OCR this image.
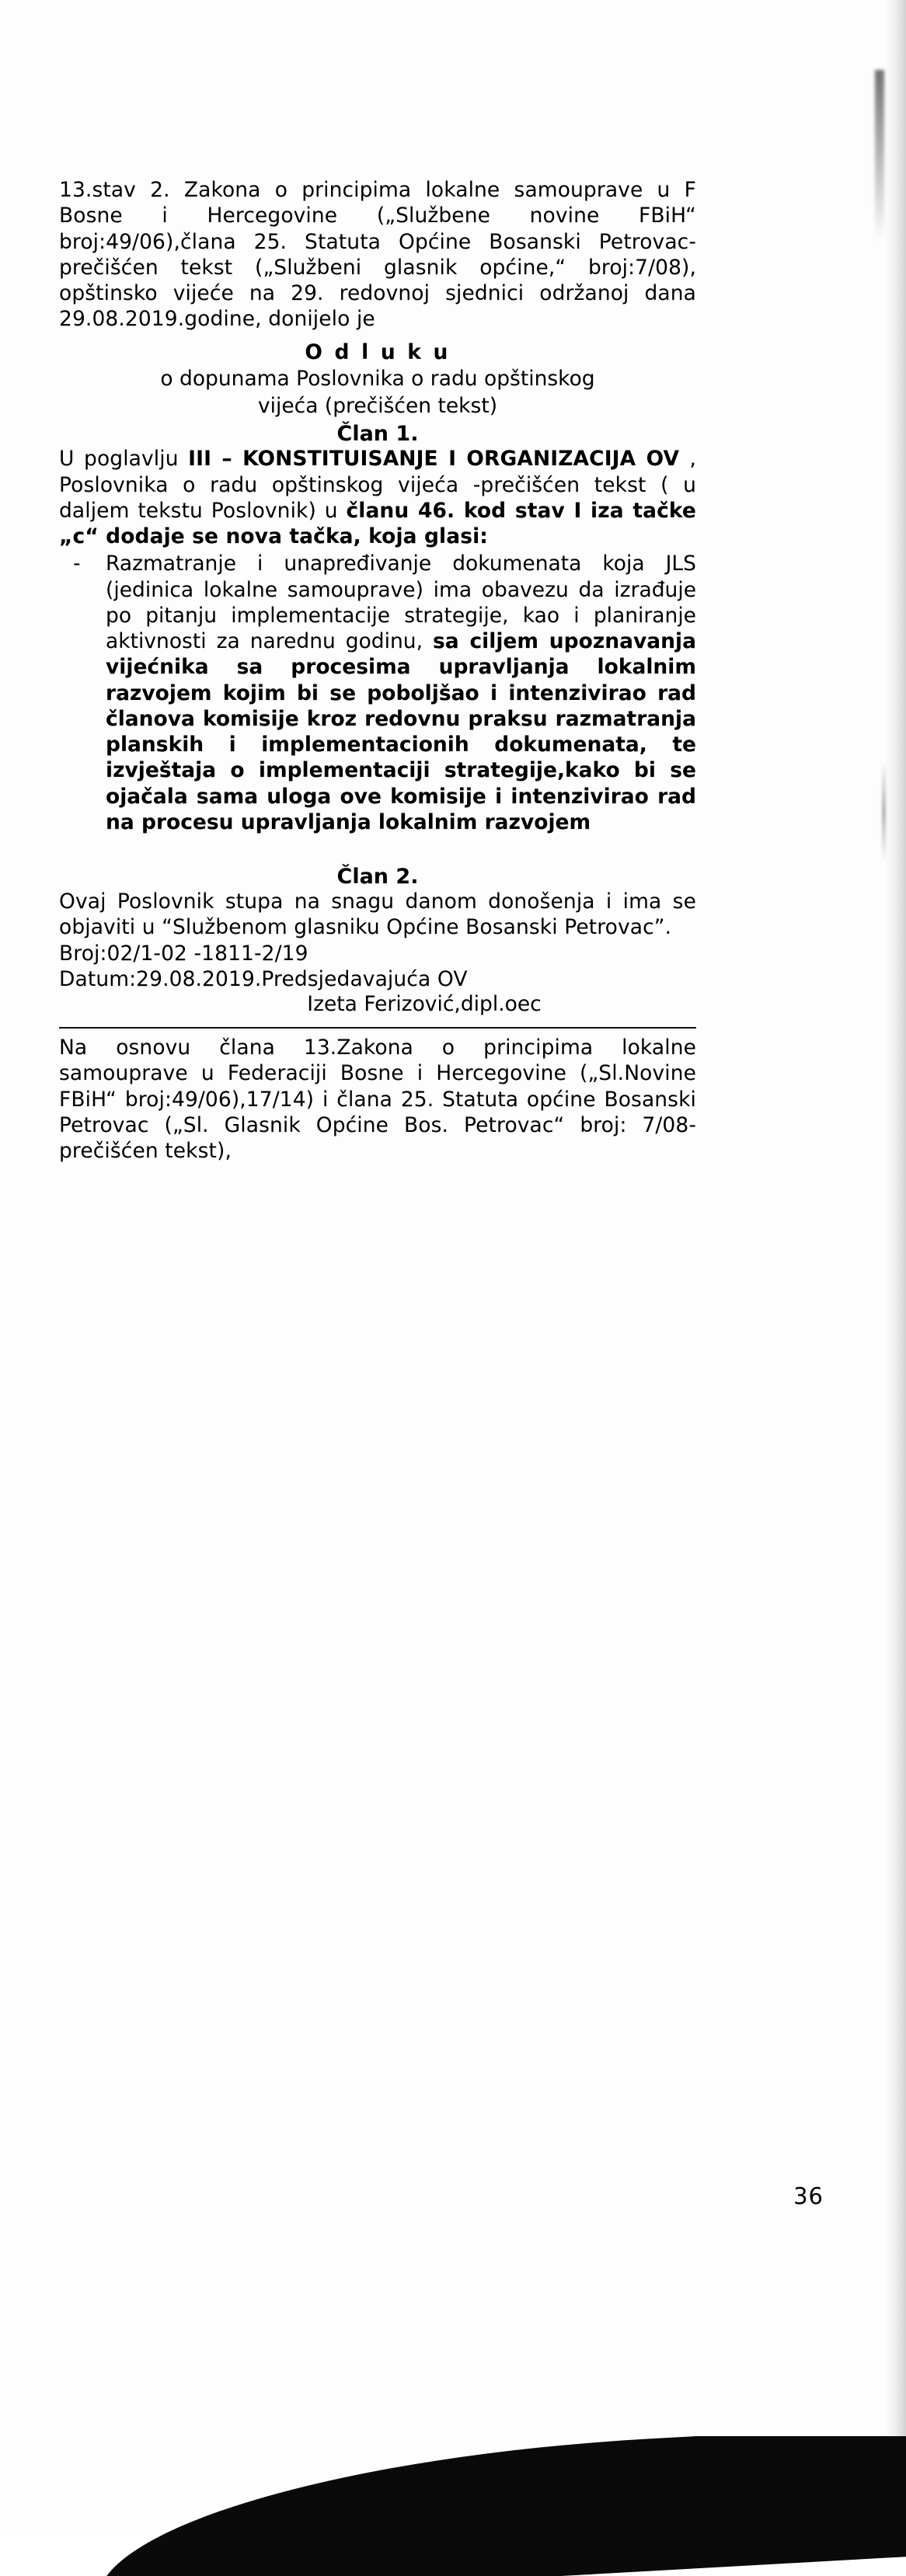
13.stav 2. Zakona o principima lokalne samouprave u F Bosne i Hercegovine („Službene novine FBiH“ broj:49/06),člana 25. Statuta Općine Bosanski Petrovac-prečišćen tekst („Službeni glasnik općine,“ broj:7/08), opštinsko vijeće na 29. redovnoj sjednici održanoj dana 29.08.2019.godine, donijelo je

O d l u k u
o dopunama Poslovnika o radu opštinskog
vijeća (prečišćen tekst)
Član 1.

U poglavlju III – KONSTITUISANJE I ORGANIZACIJA OV , Poslovnika o radu opštinskog vijeća -prečišćen tekst ( u daljem tekstu Poslovnik) u članu 46. kod stav I iza tačke „c“ dodaje se nova tačka, koja glasi:

- Razmatranje i unapređivanje dokumenata koja JLS (jedinica lokalne samouprave) ima obavezu da izrađuje po pitanju implementacije strategije, kao i planiranje aktivnosti za narednu godinu, sa ciljem upoznavanja vijećnika sa procesima upravljanja lokalnim razvojem kojim bi se poboljšao i intenzivirao rad članova komisije kroz redovnu praksu razmatranja planskih i implementacionih dokumenata, te izvještaja o implementaciji strategije,kako bi se ojačala sama uloga ove komisije i intenzivirao rad na procesu upravljanja lokalnim razvojem
Član 2.

Ovaj Poslovnik stupa na snagu danom donošenja i ima se objaviti u “Službenom glasniku Općine Bosanski Petrovac”.

Broj:02/1-02 -1811-2/19

Datum:29.08.2019.Predsjedavajuća OV

Izeta Ferizović,dipl.oec

Na osnovu člana 13.Zakona o principima lokalne samouprave u Federaciji Bosne i Hercegovine („Sl.Novine FBiH“ broj:49/06),17/14) i člana 25. Statuta općine Bosanski Petrovac („Sl. Glasnik Općine Bos. Petrovac“ broj: 7/08- prečišćen tekst),

36
